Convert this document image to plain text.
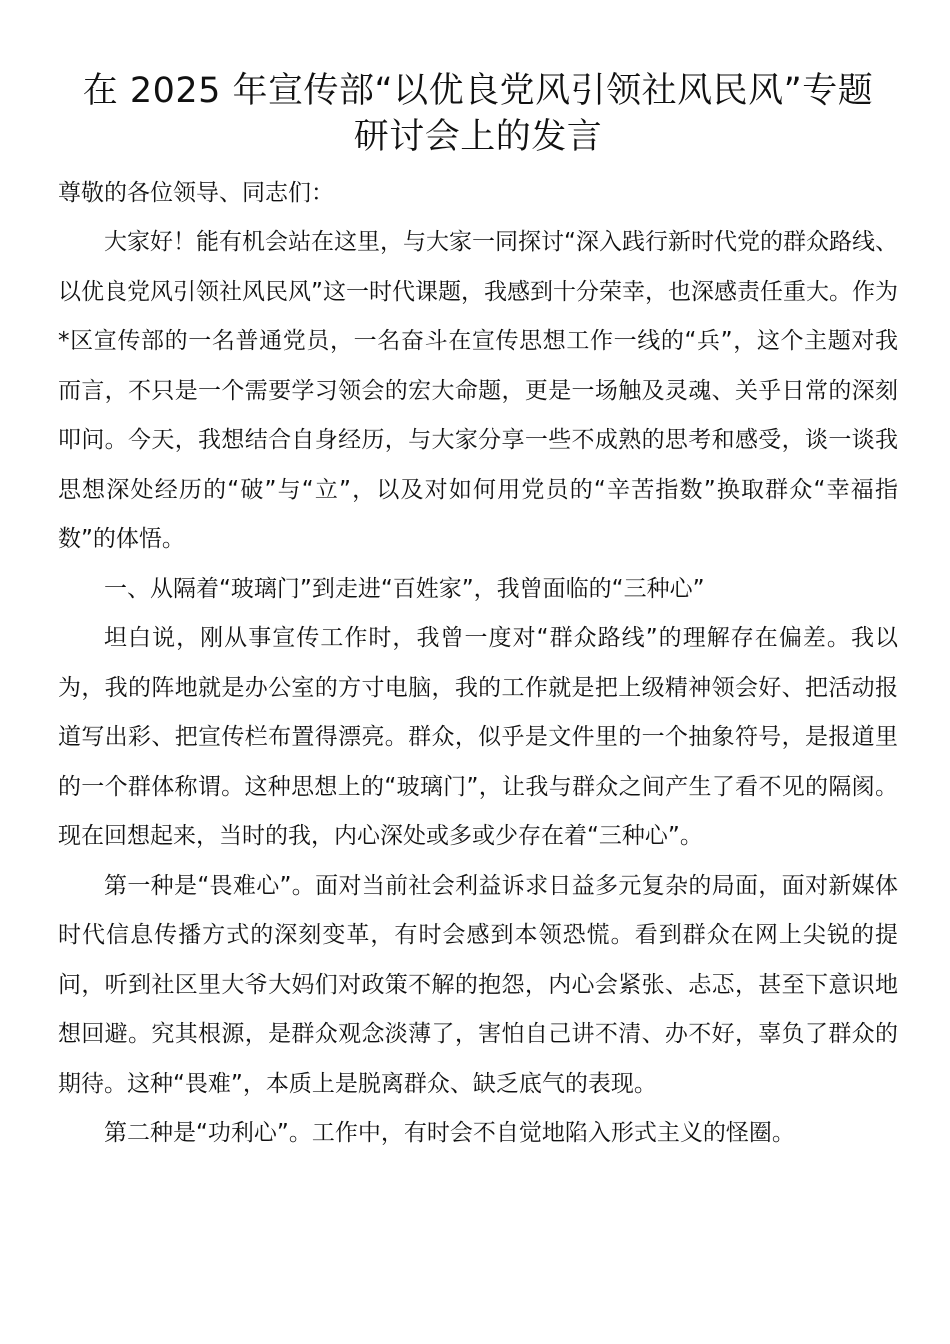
在 2025 年宣传部“以优良党风引领社风民风”专题
研讨会上的发言

尊敬的各位领导、同志们：

大家好！能有机会站在这里，与大家一同探讨“深入践行新时代党的群众路线、以优良党风引领社风民风”这一时代课题，我感到十分荣幸，也深感责任重大。作为*区宣传部的一名普通党员，一名奋斗在宣传思想工作一线的“兵”，这个主题对我而言，不只是一个需要学习领会的宏大命题，更是一场触及灵魂、关乎日常的深刻叩问。今天，我想结合自身经历，与大家分享一些不成熟的思考和感受，谈一谈我思想深处经历的“破”与“立”，以及对如何用党员的“辛苦指数”换取群众“幸福指数”的体悟。

一、从隔着“玻璃门”到走进“百姓家”，我曾面临的“三种心”

坦白说，刚从事宣传工作时，我曾一度对“群众路线”的理解存在偏差。我以为，我的阵地就是办公室的方寸电脑，我的工作就是把上级精神领会好、把活动报道写出彩、把宣传栏布置得漂亮。群众，似乎是文件里的一个抽象符号，是报道里的一个群体称谓。这种思想上的“玻璃门”，让我与群众之间产生了看不见的隔阂。现在回想起来，当时的我，内心深处或多或少存在着“三种心”。

第一种是“畏难心”。面对当前社会利益诉求日益多元复杂的局面，面对新媒体时代信息传播方式的深刻变革，有时会感到本领恐慌。看到群众在网上尖锐的提问，听到社区里大爷大妈们对政策不解的抱怨，内心会紧张、忐忑，甚至下意识地想回避。究其根源，是群众观念淡薄了，害怕自己讲不清、办不好，辜负了群众的期待。这种“畏难”，本质上是脱离群众、缺乏底气的表现。

第二种是“功利心”。工作中，有时会不自觉地陷入形式主义的怪圈。
